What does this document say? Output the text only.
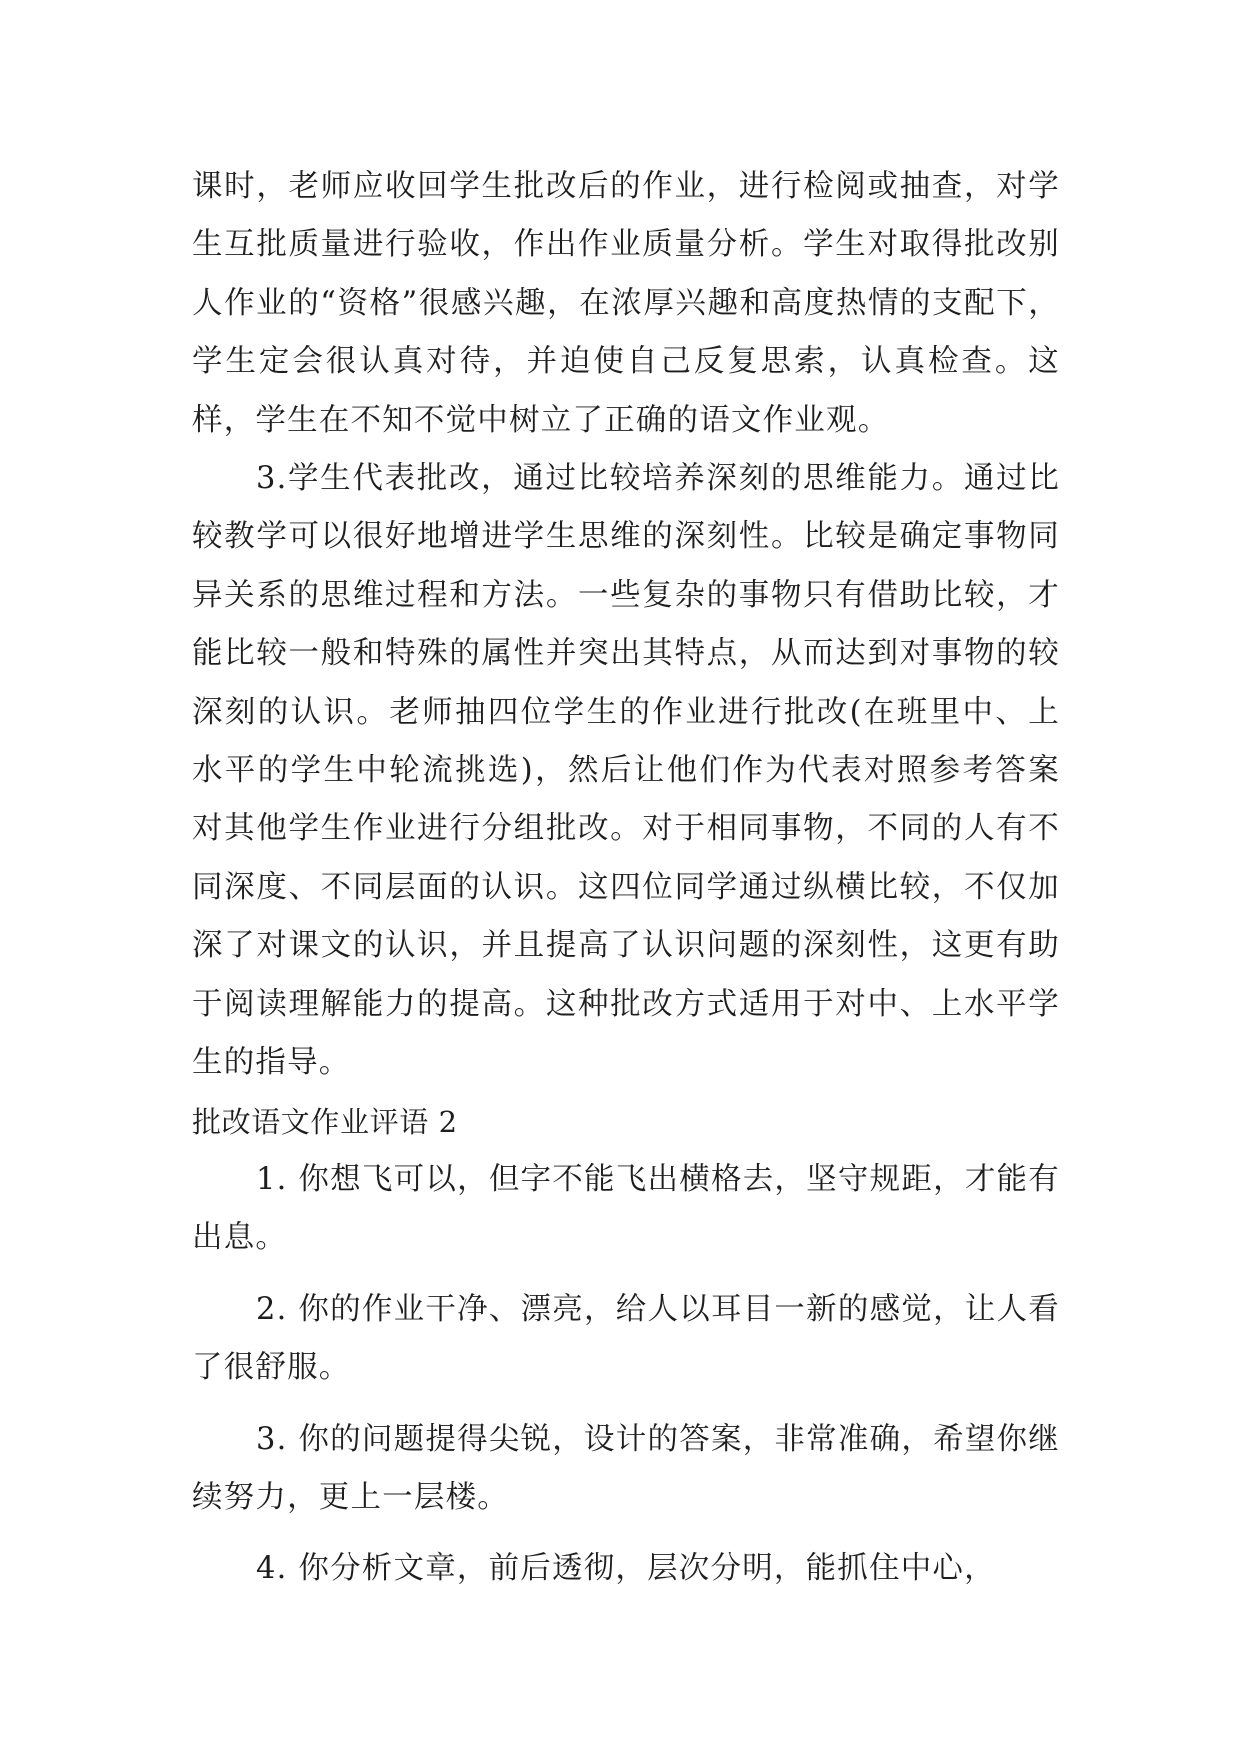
课时，老师应收回学生批改后的作业，进行检阅或抽查，对学生互批质量进行验收，作出作业质量分析。学生对取得批改别人作业的“资格”很感兴趣，在浓厚兴趣和高度热情的支配下，学生定会很认真对待，并迫使自己反复思索，认真检查。这样，学生在不知不觉中树立了正确的语文作业观。

3.学生代表批改，通过比较培养深刻的思维能力。通过比较教学可以很好地增进学生思维的深刻性。比较是确定事物同异关系的思维过程和方法。一些复杂的事物只有借助比较，才能比较一般和特殊的属性并突出其特点，从而达到对事物的较深刻的认识。老师抽四位学生的作业进行批改(在班里中、上水平的学生中轮流挑选)，然后让他们作为代表对照参考答案对其他学生作业进行分组批改。对于相同事物，不同的人有不同深度、不同层面的认识。这四位同学通过纵横比较，不仅加深了对课文的认识，并且提高了认识问题的深刻性，这更有助于阅读理解能力的提高。这种批改方式适用于对中、上水平学生的指导。

批改语文作业评语 2

1. 你想飞可以，但字不能飞出横格去，坚守规距，才能有出息。

2. 你的作业干净、漂亮，给人以耳目一新的感觉，让人看了很舒服。

3. 你的问题提得尖锐，设计的答案，非常准确，希望你继续努力，更上一层楼。

4. 你分析文章，前后透彻，层次分明，能抓住中心，
